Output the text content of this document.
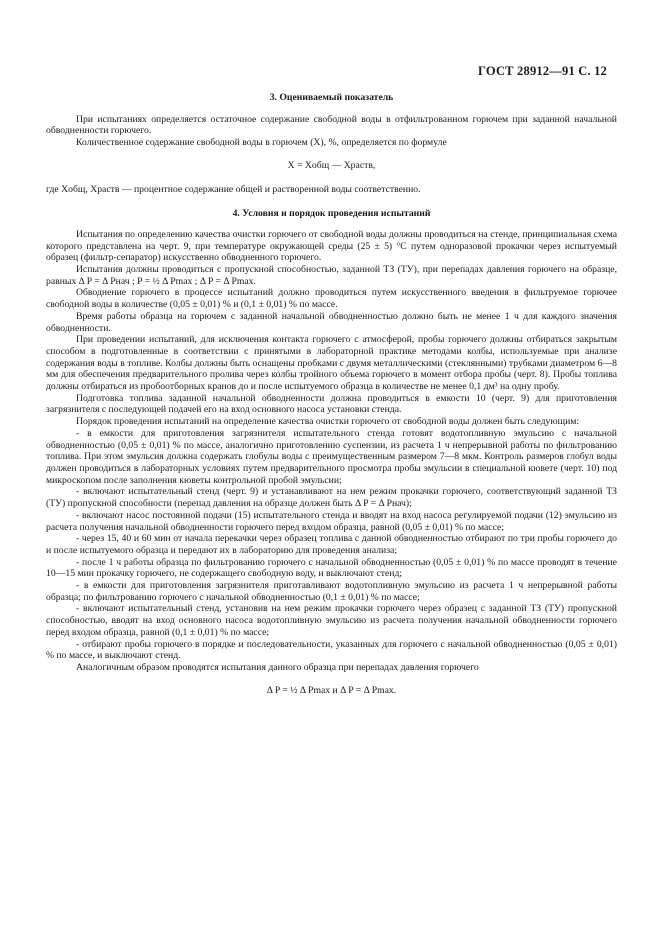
ГОСТ 28912—91 С. 12
3. Оцениваемый показатель

При испытаниях определяется остаточное содержание свободной воды в отфильтрованном горючем при заданной начальной обводненности горючего.

Количественное содержание свободной воды в горючем (X), %, определяется по формуле

X = Xобщ — Xраств,

где Xобщ, Xраств — процентное содержание общей и растворенной воды соответственно.

4. Условия и порядок проведения испытаний

Испытания по определению качества очистки горючего от свободной воды должны проводиться на стенде, принципиальная схема которого представлена на черт. 9, при температуре окружающей среды (25 ± 5) °С путем одноразовой прокачки через испытуемый образец (фильтр-сепаратор) искусственно обводненного горючего.

Испытания должны проводиться с пропускной способностью, заданной ТЗ (ТУ), при перепадах давления горючего на образце, равных Δ P = Δ Pнач ; P = ½ Δ Pmax ; Δ P = Δ Pmax.

Обводнение горючего в процессе испытаний должно проводиться путем искусственного введения в фильтруемое горючее свободной воды в количестве (0,05 ± 0,01) % и (0,1 ± 0,01) % по массе.

Время работы образца на горючем с заданной начальной обводненностью должно быть не менее 1 ч для каждого значения обводненности.

При проведении испытаний, для исключения контакта горючего с атмосферой, пробы горючего должны отбираться закрытым способом в подготовленные в соответствии с принятыми в лабораторной практике методами колбы, используемые при анализе содержания воды в топливе. Колбы должны быть оснащены пробками с двумя металлическими (стеклянными) трубками диаметром 6—8 мм для обеспечения предварительного пролива через колбы тройного объема горючего в момент отбора пробы (черт. 8). Пробы топлива должны отбираться из пробоотборных кранов до и после испытуемого образца в количестве не менее 0,1 дм³ на одну пробу.

Подготовка топлива заданной начальной обводненности должна проводиться в емкости 10 (черт. 9) для приготовления загрязнителя с последующей подачей его на вход основного насоса установки стенда.

Порядок проведения испытаний на определение качества очистки горючего от свободной воды должен быть следующим:

- в емкости для приготовления загрязнителя испытательного стенда готовят водотопливную эмульсию с начальной обводненностью (0,05 ± 0,01) % по массе, аналогично приготовлению суспензии, из расчета 1 ч непрерывной работы по фильтрованию топлива. При этом эмульсия должна содержать глобулы воды с преимущественным размером 7—8 мкм. Контроль размеров глобул воды должен проводиться в лабораторных условиях путем предварительного просмотра пробы эмульсии в специальной кювете (черт. 10) под микроскопом после заполнения кюветы контрольной пробой эмульсии;

- включают испытательный стенд (черт. 9) и устанавливают на нем режим прокачки горючего, соответствующий заданной ТЗ (ТУ) пропускной способности (перепад давления на образце должен быть Δ P = Δ Pнач);

- включают насос постоянной подачи (15) испытательного стенда и вводят на вход насоса регулируемой подачи (12) эмульсию из расчета получения начальной обводненности горючего перед входом образца, равной (0,05 ± 0,01) % по массе;

- через 15, 40 и 60 мин от начала перекачки через образец топлива с данной обводненностью отбирают по три пробы горючего до и после испытуемого образца и передают их в лабораторию для проведения анализа;

- после 1 ч работы образца по фильтрованию горючего с начальной обводненностью (0,05 ± 0,01) % по массе проводят в течение 10—15 мин прокачку горючего, не содержащего свободную воду, и выключают стенд;

- в емкости для приготовления загрязнителя приготавливают водотопливную эмульсию из расчета 1 ч непрерывной работы образца; по фильтрованию горючего с начальной обводненностью (0,1 ± 0,01) % по массе;

- включают испытательный стенд, установив на нем режим прокачки горючего через образец с заданной ТЗ (ТУ) пропускной способностью, вводят на вход основного насоса водотопливную эмульсию из расчета получения начальной обводненности горючего перед входом образца, равной (0,1 ± 0,01) % по массе;

- отбирают пробы горючего в порядке и последовательности, указанных для горючего с начальной обводненностью (0,05 ± 0,01) % по массе, и выключают стенд.

Аналогичным образом проводятся испытания данного образца при перепадах давления горючего

Δ P = ½ Δ Pmax и Δ P = Δ Pmax.
